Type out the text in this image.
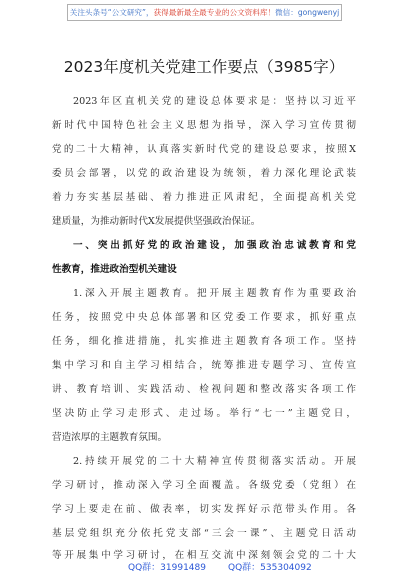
关注头条号“公文研究”，获得最新最全最专业的公文资料库！微信：gongwenyj
2023年度机关党建工作要点（3985字）
2023年区直机关党的建设总体要求是：坚持以习近平
新时代中国特色社会主义思想为指导，深入学习宣传贯彻
党的二十大精神，认真落实新时代党的建设总要求，按照X
委员会部署，以党的政治建设为统领，着力深化理论武装
着力夯实基层基础、着力推进正风肃纪，全面提高机关党
建质量，为推动新时代X发展提供坚强政治保证。
一、突出抓好党的政治建设，加强政治忠诚教育和党
性教育，推进政治型机关建设
1.深入开展主题教育。把开展主题教育作为重要政治
任务，按照党中央总体部署和区党委工作要求，抓好重点
任务，细化推进措施，扎实推进主题教育各项工作。坚持
集中学习和自主学习相结合，统筹推进专题学习、宣传宣
讲、教育培训、实践活动、检视问题和整改落实各项工作
坚决防止学习走形式、走过场。举行“七一”主题党日，
营造浓厚的主题教育氛围。
2.持续开展党的二十大精神宣传贯彻落实活动。开展
学习研讨，推动深入学习全面覆盖。各级党委（党组）在
学习上要走在前、做表率，切实发挥好示范带头作用。各
基层党组织充分依托党支部“三会一课”、主题党日活动
等开展集中学习研讨，在相互交流中深刻领会党的二十大
QQ群：31991489 QQ群：535304092
